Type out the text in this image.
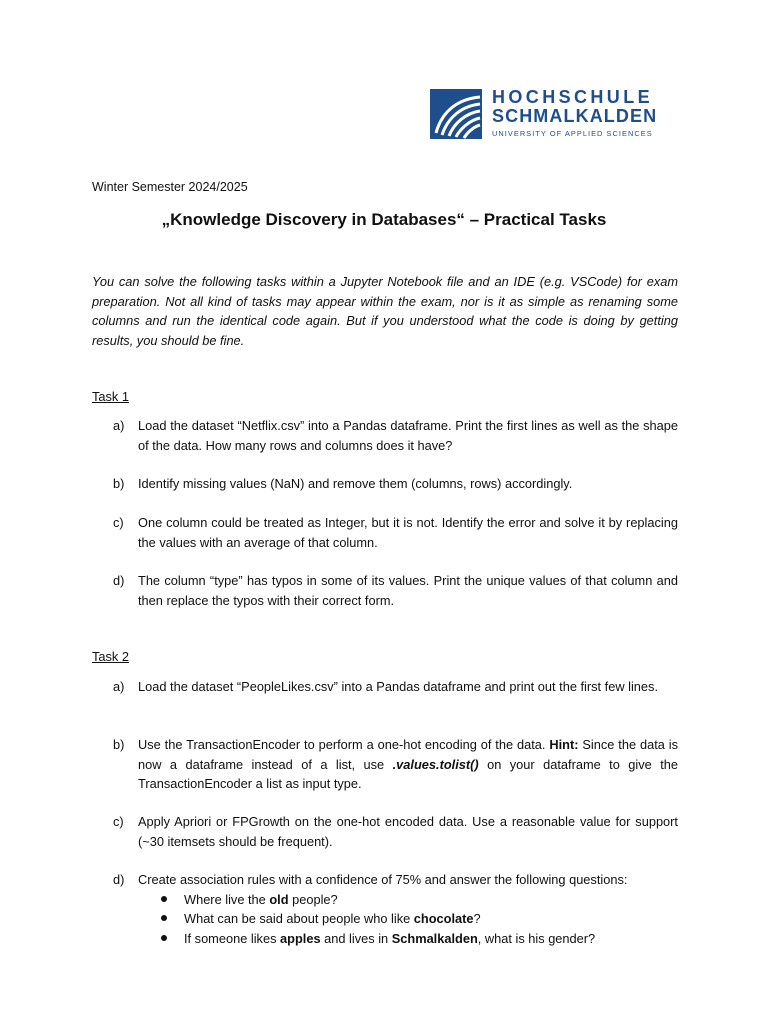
HOCHSCHULE
SCHMALKALDEN
UNIVERSITY OF APPLIED SCIENCES
Winter Semester 2024/2025
„Knowledge Discovery in Databases“ – Practical Tasks
You can solve the following tasks within a Jupyter Notebook file and an IDE (e.g. VSCode) for exam preparation. Not all kind of tasks may appear within the exam, nor is it as simple as renaming some columns and run the identical code again. But if you understood what the code is doing by getting results, you should be fine.
Task 1
a) Load the dataset “Netflix.csv” into a Pandas dataframe. Print the first lines as well as the shape of the data. How many rows and columns does it have?
b) Identify missing values (NaN) and remove them (columns, rows) accordingly.
c) One column could be treated as Integer, but it is not. Identify the error and solve it by replacing the values with an average of that column.
d) The column “type” has typos in some of its values. Print the unique values of that column and then replace the typos with their correct form.
Task 2
a) Load the dataset “PeopleLikes.csv” into a Pandas dataframe and print out the first few lines.
b) Use the TransactionEncoder to perform a one-hot encoding of the data. Hint: Since the data is now a dataframe instead of a list, use .values.tolist() on your dataframe to give the TransactionEncoder a list as input type.
c) Apply Apriori or FPGrowth on the one-hot encoded data. Use a reasonable value for support (~30 itemsets should be frequent).
d) Create association rules with a confidence of 75% and answer the following questions:
Where live the old people?
What can be said about people who like chocolate?
If someone likes apples and lives in Schmalkalden, what is his gender?
